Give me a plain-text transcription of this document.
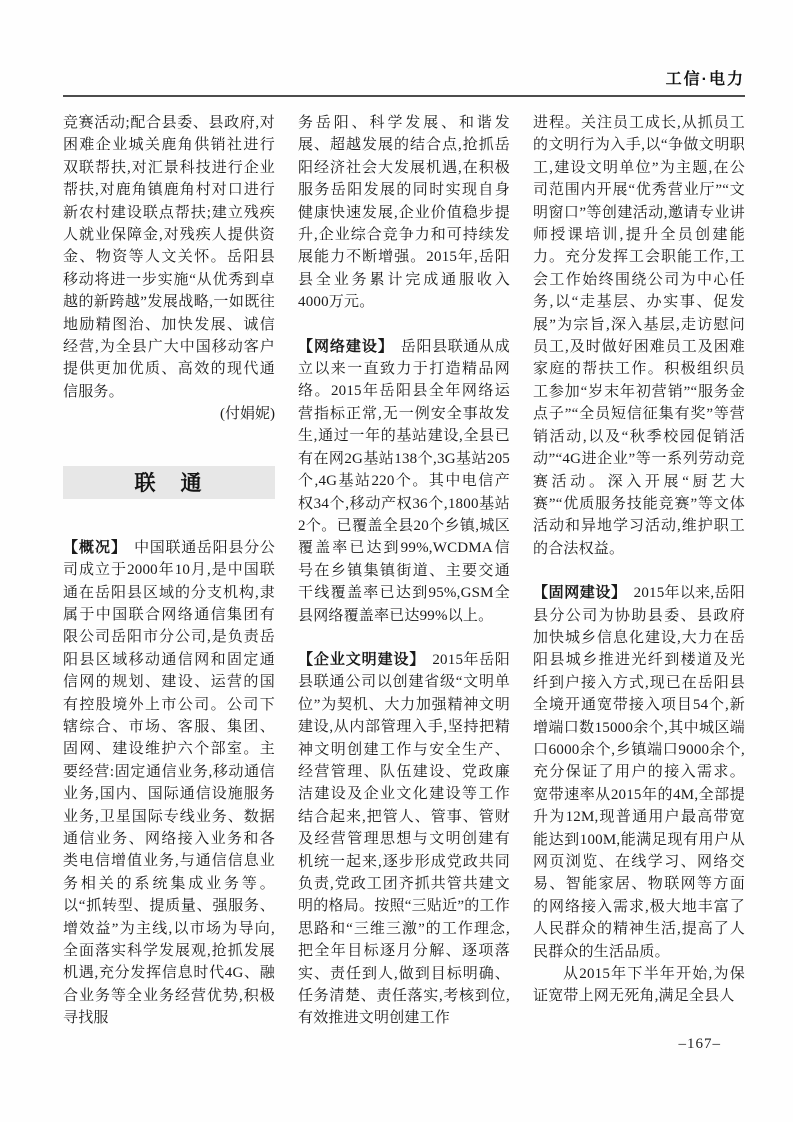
工信·电力

竞赛活动;配合县委、县政府,对困难企业城关鹿角供销社进行双联帮扶,对汇景科技进行企业帮扶,对鹿角镇鹿角村对口进行新农村建设联点帮扶;建立残疾人就业保障金,对残疾人提供资金、物资等人文关怀。岳阳县移动将进一步实施“从优秀到卓越的新跨越”发展战略,一如既往地励精图治、加快发展、诚信经营,为全县广大中国移动客户提供更加优质、高效的现代通信服务。

(付娟妮)

联　通

【概况】 中国联通岳阳县分公司成立于2000年10月,是中国联通在岳阳县区域的分支机构,隶属于中国联合网络通信集团有限公司岳阳市分公司,是负责岳阳县区域移动通信网和固定通信网的规划、建设、运营的国有控股境外上市公司。公司下辖综合、市场、客服、集团、固网、建设维护六个部室。主要经营:固定通信业务,移动通信业务,国内、国际通信设施服务业务,卫星国际专线业务、数据通信业务、网络接入业务和各类电信增值业务,与通信信息业务相关的系统集成业务等。以“抓转型、提质量、强服务、增效益”为主线,以市场为导向,全面落实科学发展观,抢抓发展机遇,充分发挥信息时代4G、融合业务等全业务经营优势,积极寻找服

务岳阳、科学发展、和谐发展、超越发展的结合点,抢抓岳阳经济社会大发展机遇,在积极服务岳阳发展的同时实现自身健康快速发展,企业价值稳步提升,企业综合竞争力和可持续发展能力不断增强。2015年,岳阳县全业务累计完成通服收入4000万元。

【网络建设】 岳阳县联通从成立以来一直致力于打造精品网络。2015年岳阳县全年网络运营指标正常,无一例安全事故发生,通过一年的基站建设,全县已有在网2G基站138个,3G基站205个,4G基站220个。其中电信产权34个,移动产权36个,1800基站2个。已覆盖全县20个乡镇,城区覆盖率已达到99%,WCDMA信号在乡镇集镇街道、主要交通干线覆盖率已达到95%,GSM全县网络覆盖率已达99%以上。

【企业文明建设】 2015年岳阳县联通公司以创建省级“文明单位”为契机、大力加强精神文明建设,从内部管理入手,坚持把精神文明创建工作与安全生产、经营管理、队伍建设、党政廉洁建设及企业文化建设等工作结合起来,把管人、管事、管财及经营管理思想与文明创建有机统一起来,逐步形成党政共同负责,党政工团齐抓共管共建文明的格局。按照“三贴近”的工作思路和“三维三激”的工作理念,把全年目标逐月分解、逐项落实、责任到人,做到目标明确、任务清楚、责任落实,考核到位,有效推进文明创建工作

进程。关注员工成长,从抓员工的文明行为入手,以“争做文明职工,建设文明单位”为主题,在公司范围内开展“优秀营业厅”“文明窗口”等创建活动,邀请专业讲师授课培训,提升全员创建能力。充分发挥工会职能工作,工会工作始终围绕公司为中心任务,以“走基层、办实事、促发展”为宗旨,深入基层,走访慰问员工,及时做好困难员工及困难家庭的帮扶工作。积极组织员工参加“岁末年初营销”“服务金点子”“全员短信征集有奖”等营销活动,以及“秋季校园促销活动”“4G进企业”等一系列劳动竞赛活动。深入开展“厨艺大赛”“优质服务技能竞赛”等文体活动和异地学习活动,维护职工的合法权益。

【固网建设】 2015年以来,岳阳县分公司为协助县委、县政府加快城乡信息化建设,大力在岳阳县城乡推进光纤到楼道及光纤到户接入方式,现已在岳阳县全境开通宽带接入项目54个,新增端口数15000余个,其中城区端口6000余个,乡镇端口9000余个,充分保证了用户的接入需求。宽带速率从2015年的4M,全部提升为12M,现普通用户最高带宽能达到100M,能满足现有用户从网页浏览、在线学习、网络交易、智能家居、物联网等方面的网络接入需求,极大地丰富了人民群众的精神生活,提高了人民群众的生活品质。

从2015年下半年开始,为保证宽带上网无死角,满足全县人

–167–
